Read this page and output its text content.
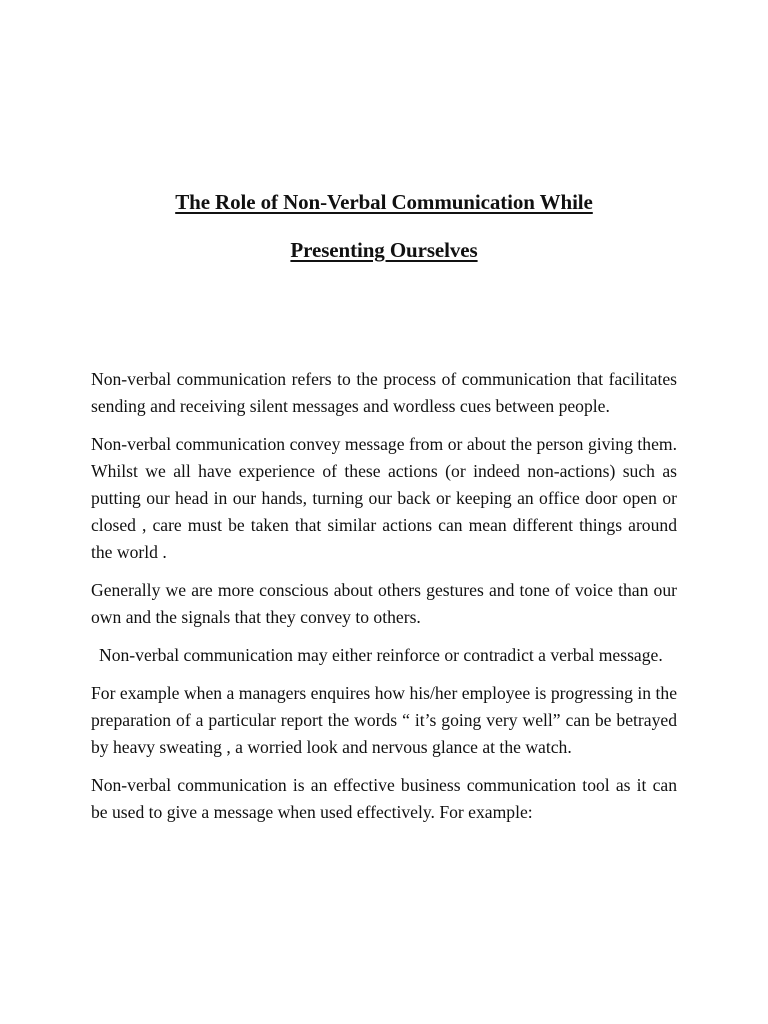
The Role of Non-Verbal Communication While
Presenting Ourselves

Non-verbal communication refers to the process of communication that facilitates sending and receiving silent messages and wordless cues between people.

Non-verbal communication convey message from or about the person giving them. Whilst we all have experience of these actions (or indeed non-actions) such as putting our head in our hands, turning our back or keeping an office door open or closed , care must be taken that similar actions can mean different things around the world .

Generally we are more conscious about others gestures and tone of voice than our own and the signals that they convey to others.

Non-verbal communication may either reinforce or contradict a verbal message.

For example when a managers enquires how his/her employee is progressing in the preparation of a particular report the words “ it’s going very well” can be betrayed by heavy sweating , a worried look and nervous glance at the watch.

Non-verbal communication is an effective business communication tool as it can be used to give a message when used effectively. For example:
